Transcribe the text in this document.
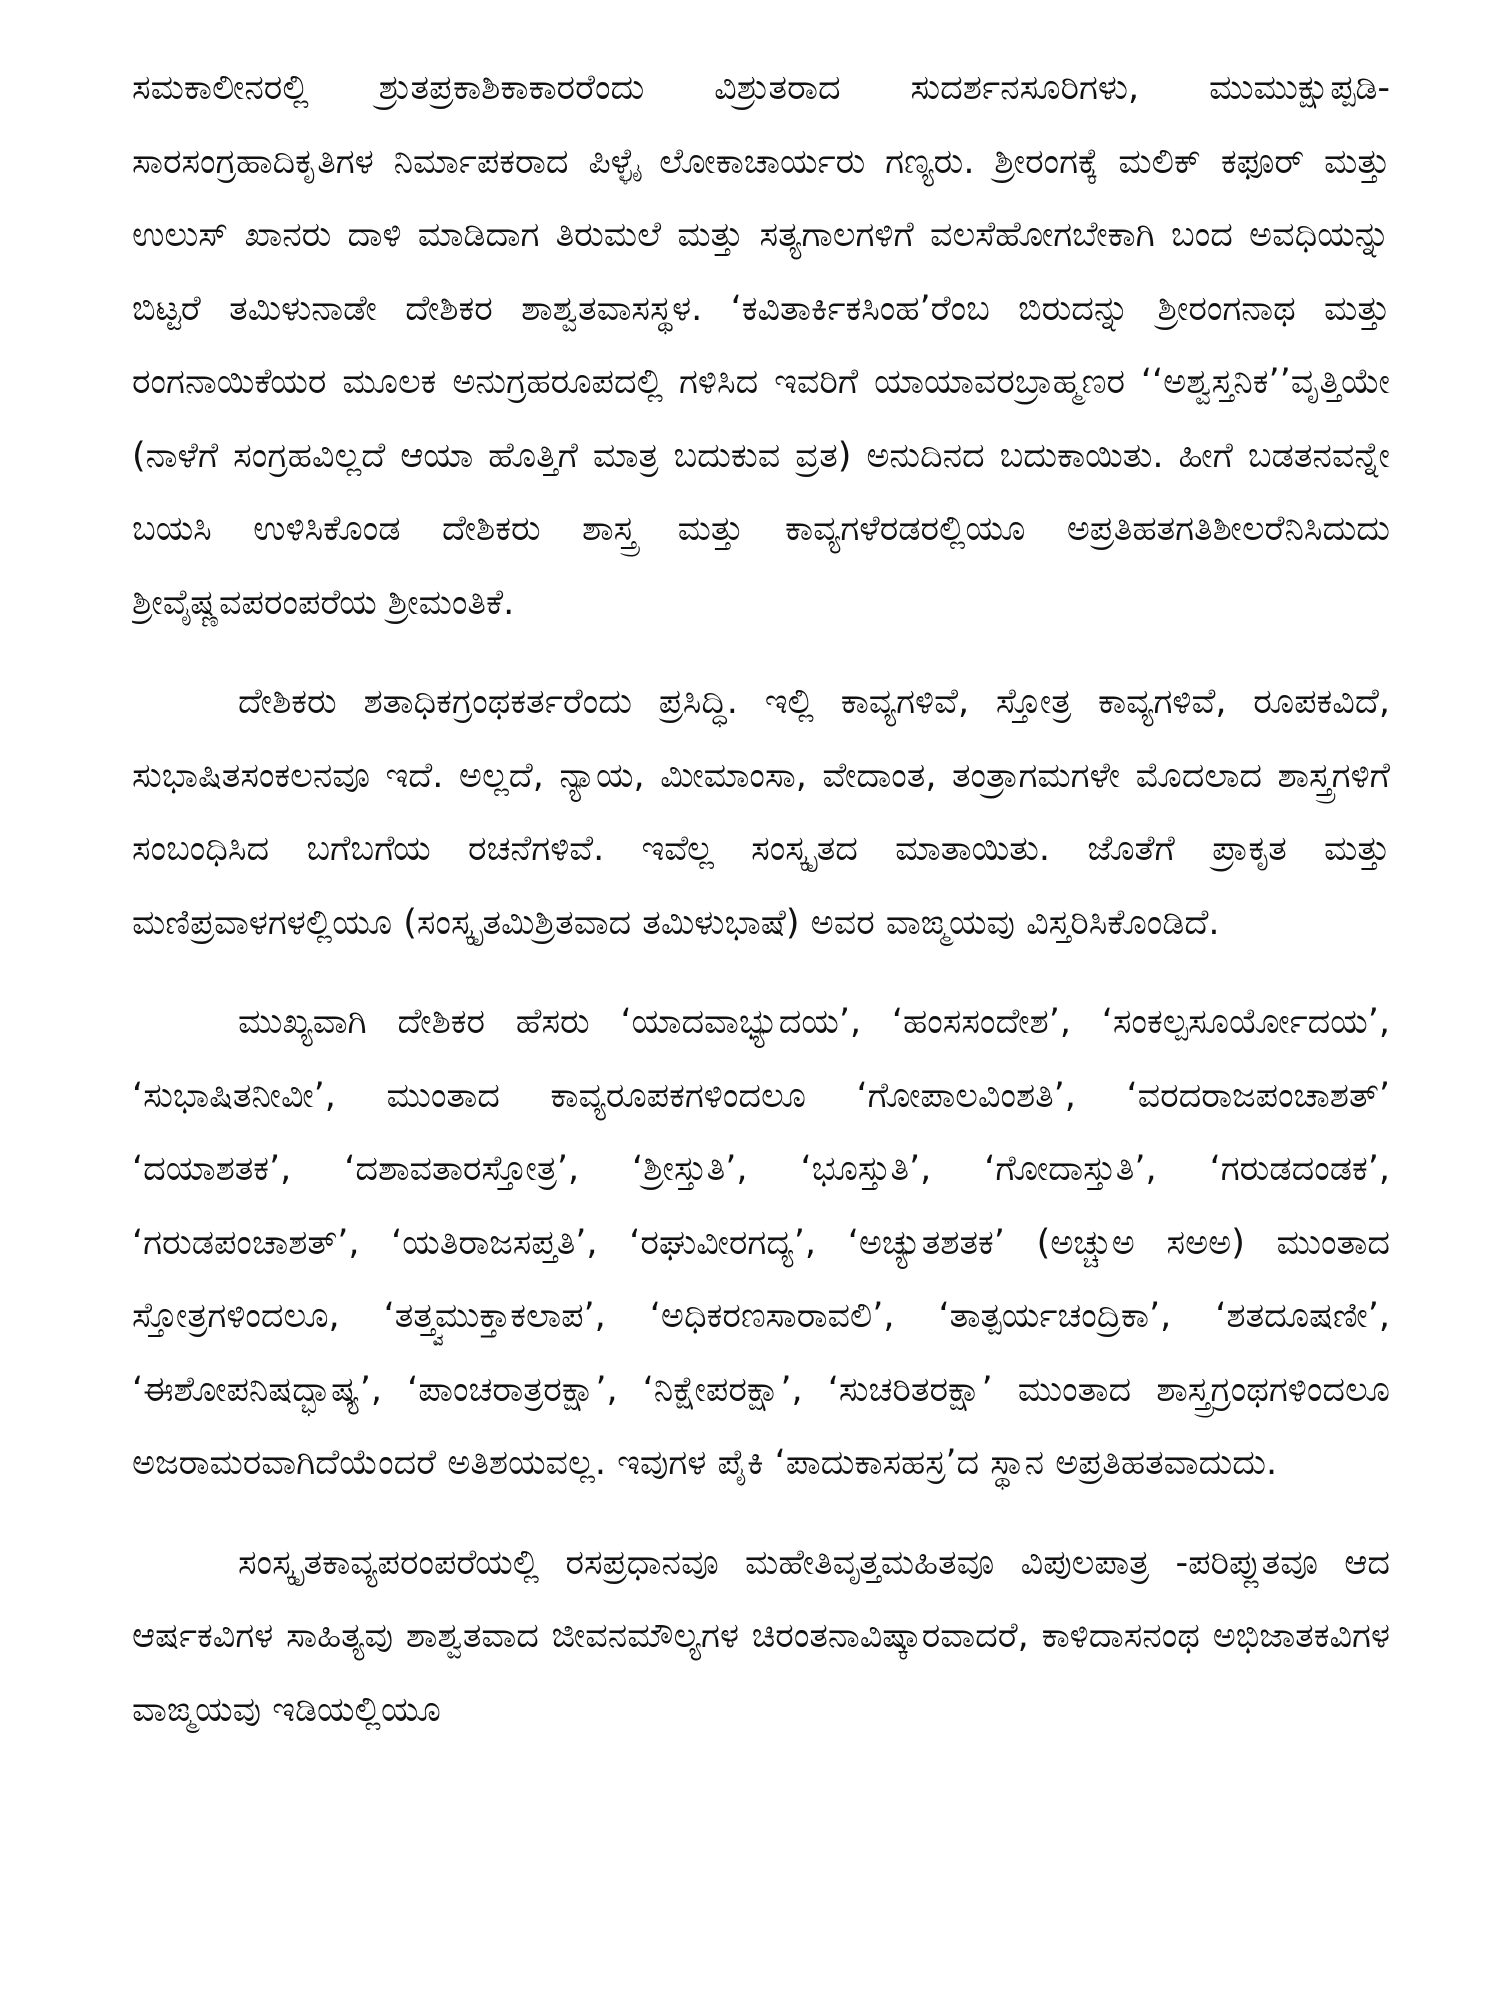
ಸಮಕಾಲೀನರಲ್ಲಿ ಶ್ರುತಪ್ರಕಾಶಿಕಾಕಾರರೆಂದು ವಿಶ್ರುತರಾದ ಸುದರ್ಶನಸೂರಿಗಳು, ಮುಮುಕ್ಷುಪ್ಪಡಿ-ಸಾರಸಂಗ್ರಹಾದಿಕೃತಿಗಳ ನಿರ್ಮಾಪಕರಾದ ಪಿಳ್ಳೈ ಲೋಕಾಚಾರ್ಯರು ಗಣ್ಯರು. ಶ್ರೀರಂಗಕ್ಕೆ ಮಲಿಕ್ ಕಫೂರ್ ಮತ್ತು ಉಲುಸ್ ಖಾನರು ದಾಳಿ ಮಾಡಿದಾಗ ತಿರುಮಲೆ ಮತ್ತು ಸತ್ಯಗಾಲಗಳಿಗೆ ವಲಸೆಹೋಗಬೇಕಾಗಿ ಬಂದ ಅವಧಿಯನ್ನು ಬಿಟ್ಟರೆ ತಮಿಳುನಾಡೇ ದೇಶಿಕರ ಶಾಶ್ವತವಾಸಸ್ಥಳ. ‘ಕವಿತಾರ್ಕಿಕಸಿಂಹ’ರೆಂಬ ಬಿರುದನ್ನು ಶ್ರೀರಂಗನಾಥ ಮತ್ತು ರಂಗನಾಯಿಕೆಯರ ಮೂಲಕ ಅನುಗ್ರಹರೂಪದಲ್ಲಿ ಗಳಿಸಿದ ಇವರಿಗೆ ಯಾಯಾವರಬ್ರಾಹ್ಮಣರ ‘‘ಅಶ್ವಸ್ತನಿಕ’’ವೃತ್ತಿಯೇ (ನಾಳೆಗೆ ಸಂಗ್ರಹವಿಲ್ಲದೆ ಆಯಾ ಹೊತ್ತಿಗೆ ಮಾತ್ರ ಬದುಕುವ ವ್ರತ) ಅನುದಿನದ ಬದುಕಾಯಿತು. ಹೀಗೆ ಬಡತನವನ್ನೇ ಬಯಸಿ ಉಳಿಸಿಕೊಂಡ ದೇಶಿಕರು ಶಾಸ್ತ್ರ ಮತ್ತು ಕಾವ್ಯಗಳೆರಡರಲ್ಲಿಯೂ ಅಪ್ರತಿಹತಗತಿಶೀಲರೆನಿಸಿದುದು ಶ್ರೀವೈಷ್ಣವಪರಂಪರೆಯ ಶ್ರೀಮಂತಿಕೆ.

ದೇಶಿಕರು ಶತಾಧಿಕಗ್ರಂಥಕರ್ತರೆಂದು ಪ್ರಸಿದ್ಧಿ. ಇಲ್ಲಿ ಕಾವ್ಯಗಳಿವೆ, ಸ್ತೋತ್ರ ಕಾವ್ಯಗಳಿವೆ, ರೂಪಕವಿದೆ, ಸುಭಾಷಿತಸಂಕಲನವೂ ಇದೆ. ಅಲ್ಲದೆ, ನ್ಯಾಯ, ಮೀಮಾಂಸಾ, ವೇದಾಂತ, ತಂತ್ರಾಗಮಗಳೇ ಮೊದಲಾದ ಶಾಸ್ತ್ರಗಳಿಗೆ ಸಂಬಂಧಿಸಿದ ಬಗೆಬಗೆಯ ರಚನೆಗಳಿವೆ. ಇವೆಲ್ಲ ಸಂಸ್ಕೃತದ ಮಾತಾಯಿತು. ಜೊತೆಗೆ ಪ್ರಾಕೃತ ಮತ್ತು ಮಣಿಪ್ರವಾಳಗಳಲ್ಲಿಯೂ (ಸಂಸ್ಕೃತಮಿಶ್ರಿತವಾದ ತಮಿಳುಭಾಷೆ) ಅವರ ವಾಙ್ಮಯವು ವಿಸ್ತರಿಸಿಕೊಂಡಿದೆ.

ಮುಖ್ಯವಾಗಿ ದೇಶಿಕರ ಹೆಸರು ‘ಯಾದವಾಭ್ಯುದಯ’, ‘ಹಂಸಸಂದೇಶ’, ‘ಸಂಕಲ್ಪಸೂರ್ಯೋದಯ’, ‘ಸುಭಾಷಿತನೀವೀ’, ಮುಂತಾದ ಕಾವ್ಯರೂಪಕಗಳಿಂದಲೂ ‘ಗೋಪಾಲವಿಂಶತಿ’, ‘ವರದರಾಜಪಂಚಾಶತ್’ ‘ದಯಾಶತಕ’, ‘ದಶಾವತಾರಸ್ತೋತ್ರ’, ‘ಶ್ರೀಸ್ತುತಿ’, ‘ಭೂಸ್ತುತಿ’, ‘ಗೋದಾಸ್ತುತಿ’, ‘ಗರುಡದಂಡಕ’, ‘ಗರುಡಪಂಚಾಶತ್’, ‘ಯತಿರಾಜಸಪ್ತತಿ’, ‘ರಘುವೀರಗದ್ಯ’, ‘ಅಚ್ಯುತಶತಕ’ (ಅಚ್ಚುಅ ಸಅಅ) ಮುಂತಾದ ಸ್ತೋತ್ರಗಳಿಂದಲೂ, ‘ತತ್ತ್ವಮುಕ್ತಾಕಲಾಪ’, ‘ಅಧಿಕರಣಸಾರಾವಲಿ’, ‘ತಾತ್ಪರ್ಯಚಂದ್ರಿಕಾ’, ‘ಶತದೂಷಣೀ’, ‘ಈಶೋಪನಿಷದ್ಭಾಷ್ಯ’, ‘ಪಾಂಚರಾತ್ರರಕ್ಷಾ’, ‘ನಿಕ್ಷೇಪರಕ್ಷಾ’, ‘ಸುಚರಿತರಕ್ಷಾ’ ಮುಂತಾದ ಶಾಸ್ತ್ರಗ್ರಂಥಗಳಿಂದಲೂ ಅಜರಾಮರವಾಗಿದೆಯೆಂದರೆ ಅತಿಶಯವಲ್ಲ. ಇವುಗಳ ಪೈಕಿ ‘ಪಾದುಕಾಸಹಸ್ರ’ದ ಸ್ಥಾನ ಅಪ್ರತಿಹತವಾದುದು.

ಸಂಸ್ಕೃತಕಾವ್ಯಪರಂಪರೆಯಲ್ಲಿ ರಸಪ್ರಧಾನವೂ ಮಹೇತಿವೃತ್ತಮಹಿತವೂ ವಿಪುಲಪಾತ್ರ -ಪರಿಪ್ಲುತವೂ ಆದ ಆರ್ಷಕವಿಗಳ ಸಾಹಿತ್ಯವು ಶಾಶ್ವತವಾದ ಜೀವನಮೌಲ್ಯಗಳ ಚಿರಂತನಾವಿಷ್ಕಾರವಾದರೆ, ಕಾಳಿದಾಸನಂಥ ಅಭಿಜಾತಕವಿಗಳ ವಾಙ್ಮಯವು ಇಡಿಯಲ್ಲಿಯೂ
